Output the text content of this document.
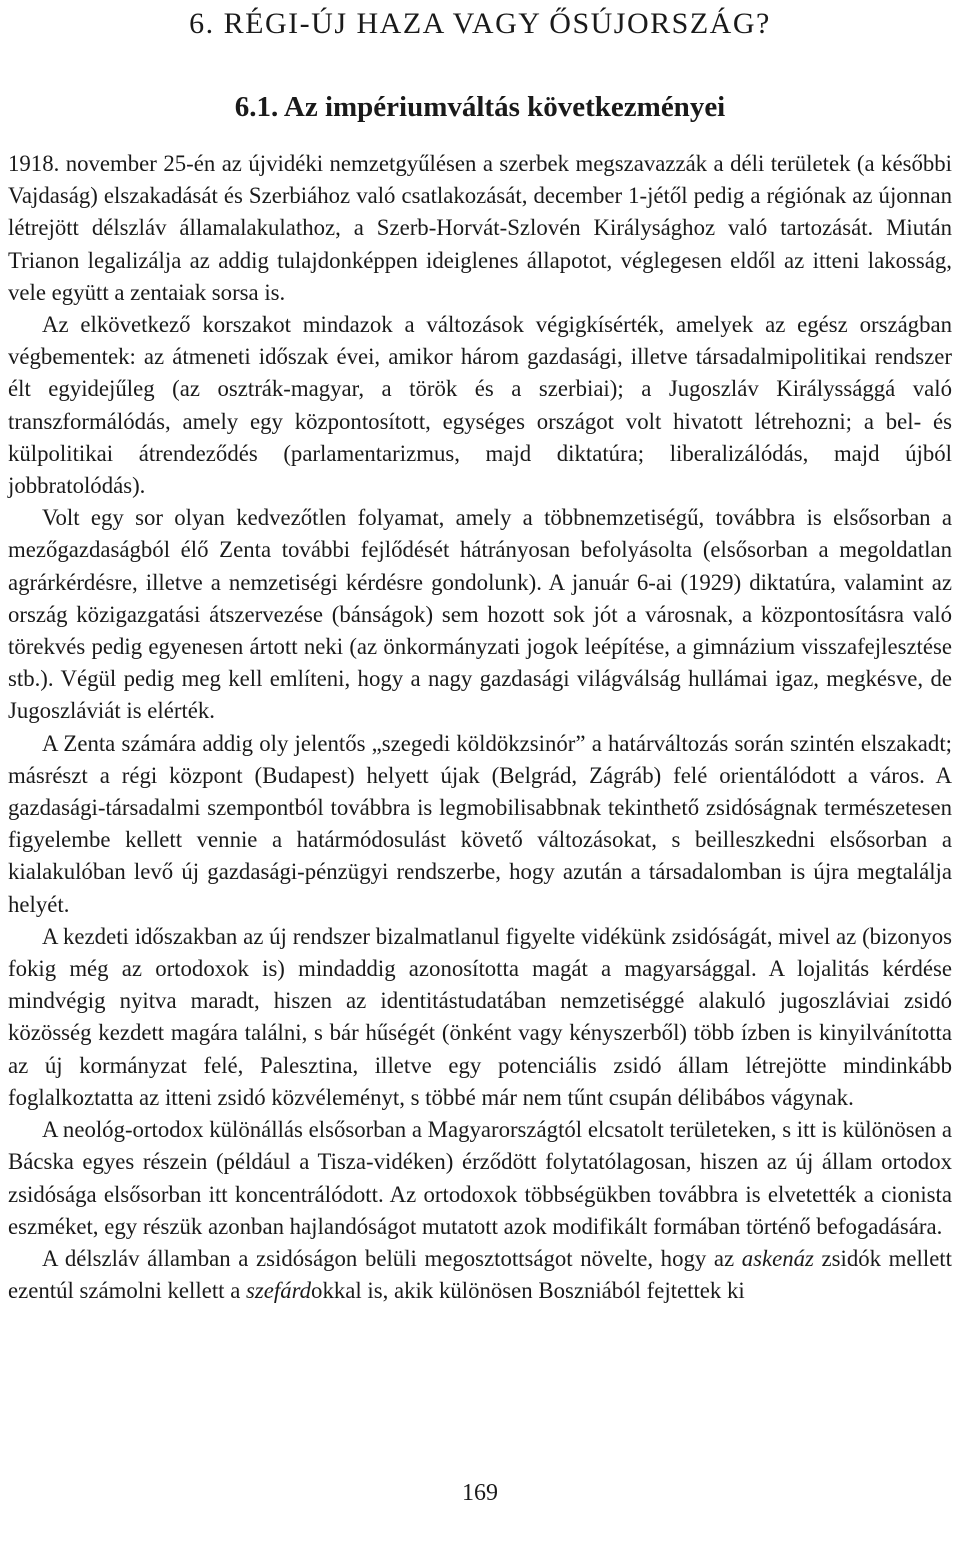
6. RÉGI-ÚJ HAZA VAGY ŐSÚJORSZÁG?
6.1. Az impériumváltás következményei

1918. november 25-én az újvidéki nemzetgyűlésen a szerbek megszavazzák a déli területek (a későbbi Vajdaság) elszakadását és Szerbiához való csatlakozását, december 1-jétől pedig a régiónak az újonnan létrejött délszláv államalakulathoz, a Szerb-Horvát-Szlovén Királysághoz való tartozását. Miután Trianon legalizálja az addig tulajdonképpen ideiglenes állapotot, véglegesen eldől az itteni lakosság, vele együtt a zentaiak sorsa is.

Az elkövetkező korszakot mindazok a változások végigkísérték, amelyek az egész országban végbementek: az átmeneti időszak évei, amikor három gazdasági, illetve társadalmipolitikai rendszer élt egyidejűleg (az osztrák-magyar, a török és a szerbiai); a Jugoszláv Királyssággá való transzformálódás, amely egy központosított, egységes országot volt hivatott létrehozni; a bel- és külpolitikai átrendeződés (parlamentarizmus, majd diktatúra; liberalizálódás, majd újból jobbratolódás).

Volt egy sor olyan kedvezőtlen folyamat, amely a többnemzetiségű, továbbra is elsősorban a mezőgazdaságból élő Zenta további fejlődését hátrányosan befolyásolta (elsősorban a megoldatlan agrárkérdésre, illetve a nemzetiségi kérdésre gondolunk). A január 6-ai (1929) diktatúra, valamint az ország közigazgatási átszervezése (bánságok) sem hozott sok jót a városnak, a központosításra való törekvés pedig egyenesen ártott neki (az önkormányzati jogok leépítése, a gimnázium visszafejlesztése stb.). Végül pedig meg kell említeni, hogy a nagy gazdasági világválság hullámai igaz, megkésve, de Jugoszláviát is elérték.

A Zenta számára addig oly jelentős „szegedi köldökzsinór” a határváltozás során szintén elszakadt; másrészt a régi központ (Budapest) helyett újak (Belgrád, Zágráb) felé orientálódott a város. A gazdasági-társadalmi szempontból továbbra is legmobilisabbnak tekinthető zsidóságnak természetesen figyelembe kellett vennie a határmódosulást követő változásokat, s beilleszkedni elsősorban a kialakulóban levő új gazdasági-pénzügyi rendszerbe, hogy azután a társadalomban is újra megtalálja helyét.

A kezdeti időszakban az új rendszer bizalmatlanul figyelte vidékünk zsidóságát, mivel az (bizonyos fokig még az ortodoxok is) mindaddig azonosította magát a magyarsággal. A lojalitás kérdése mindvégig nyitva maradt, hiszen az identitástudatában nemzetiséggé alakuló jugoszláviai zsidó közösség kezdett magára találni, s bár hűségét (önként vagy kényszerből) több ízben is kinyilvánította az új kormányzat felé, Palesztina, illetve egy potenciális zsidó állam létrejötte mindinkább foglalkoztatta az itteni zsidó közvéleményt, s többé már nem tűnt csupán délibábos vágynak.

A neológ-ortodox különállás elsősorban a Magyarországtól elcsatolt területeken, s itt is különösen a Bácska egyes részein (például a Tisza-vidéken) érződött folytatólagosan, hiszen az új állam ortodox zsidósága elsősorban itt koncentrálódott. Az ortodoxok többségükben továbbra is elvetették a cionista eszméket, egy részük azonban hajlandóságot mutatott azok modifikált formában történő befogadására.

A délszláv államban a zsidóságon belüli megosztottságot növelte, hogy az askenáz zsidók mellett ezentúl számolni kellett a szefárdokkal is, akik különösen Boszniából fejtettek ki

169
